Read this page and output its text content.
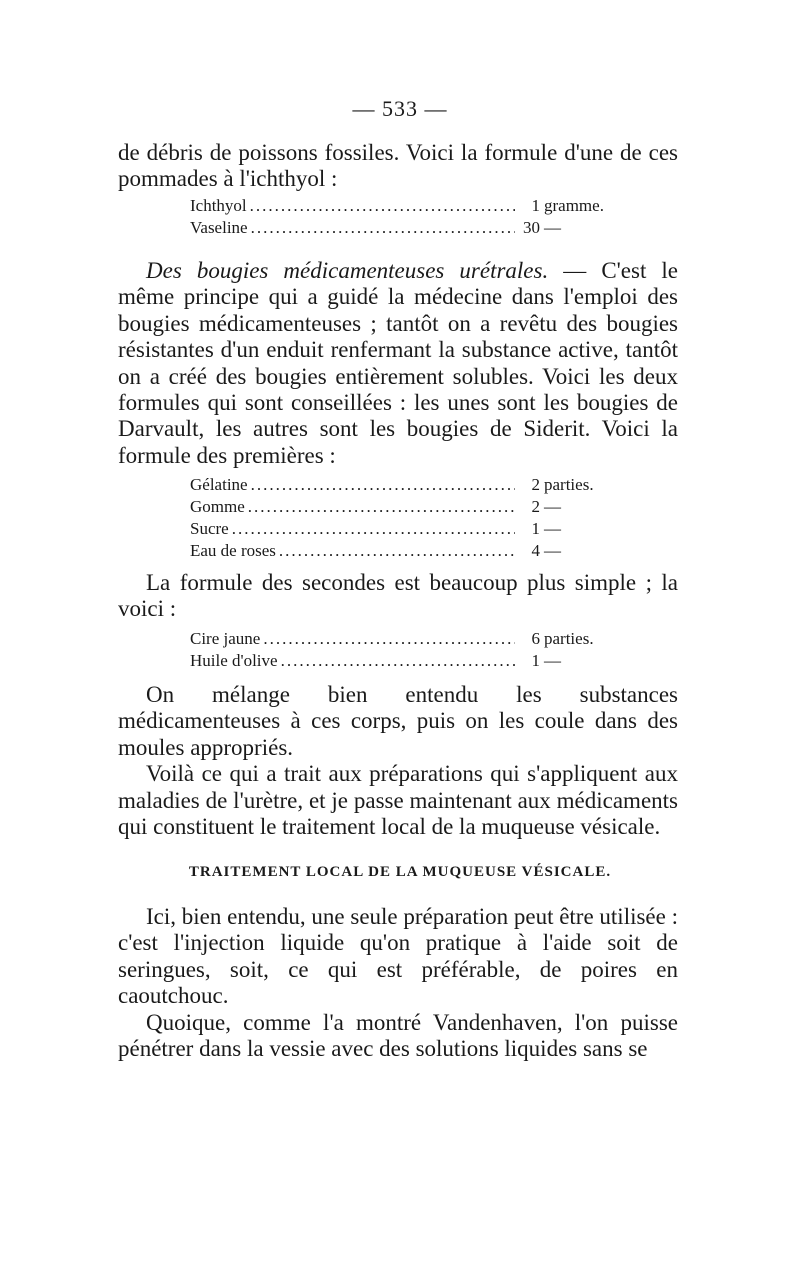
— 533 —

de débris de poissons fossiles. Voici la formule d'une de ces pommades à l'ichthyol :

Ichthyol .....	1 gramme.
Vaseline .....	30 —

Des bougies médicamenteuses urétrales. — C'est le même principe qui a guidé la médecine dans l'emploi des bougies médicamenteuses ; tantôt on a revêtu des bougies résistantes d'un enduit renfermant la substance active, tantôt on a créé des bougies entièrement solubles. Voici les deux formules qui sont conseillées : les unes sont les bougies de Darvault, les autres sont les bougies de Siderit. Voici la formule des premières :

Gélatine .....	2 parties.
Gomme .....	2 —
Sucre .....	1 —
Eau de roses .....	4 —

La formule des secondes est beaucoup plus simple ; la voici :

Cire jaune .....	6 parties.
Huile d'olive .....	1 —

On mélange bien entendu les substances médicamenteuses à ces corps, puis on les coule dans des moules appropriés.

Voilà ce qui a trait aux préparations qui s'appliquent aux maladies de l'urètre, et je passe maintenant aux médicaments qui constituent le traitement local de la muqueuse vésicale.

TRAITEMENT LOCAL DE LA MUQUEUSE VÉSICALE.

Ici, bien entendu, une seule préparation peut être utilisée : c'est l'injection liquide qu'on pratique à l'aide soit de seringues, soit, ce qui est préférable, de poires en caoutchouc.

Quoique, comme l'a montré Vandenhaven, l'on puisse pénétrer dans la vessie avec des solutions liquides sans se
